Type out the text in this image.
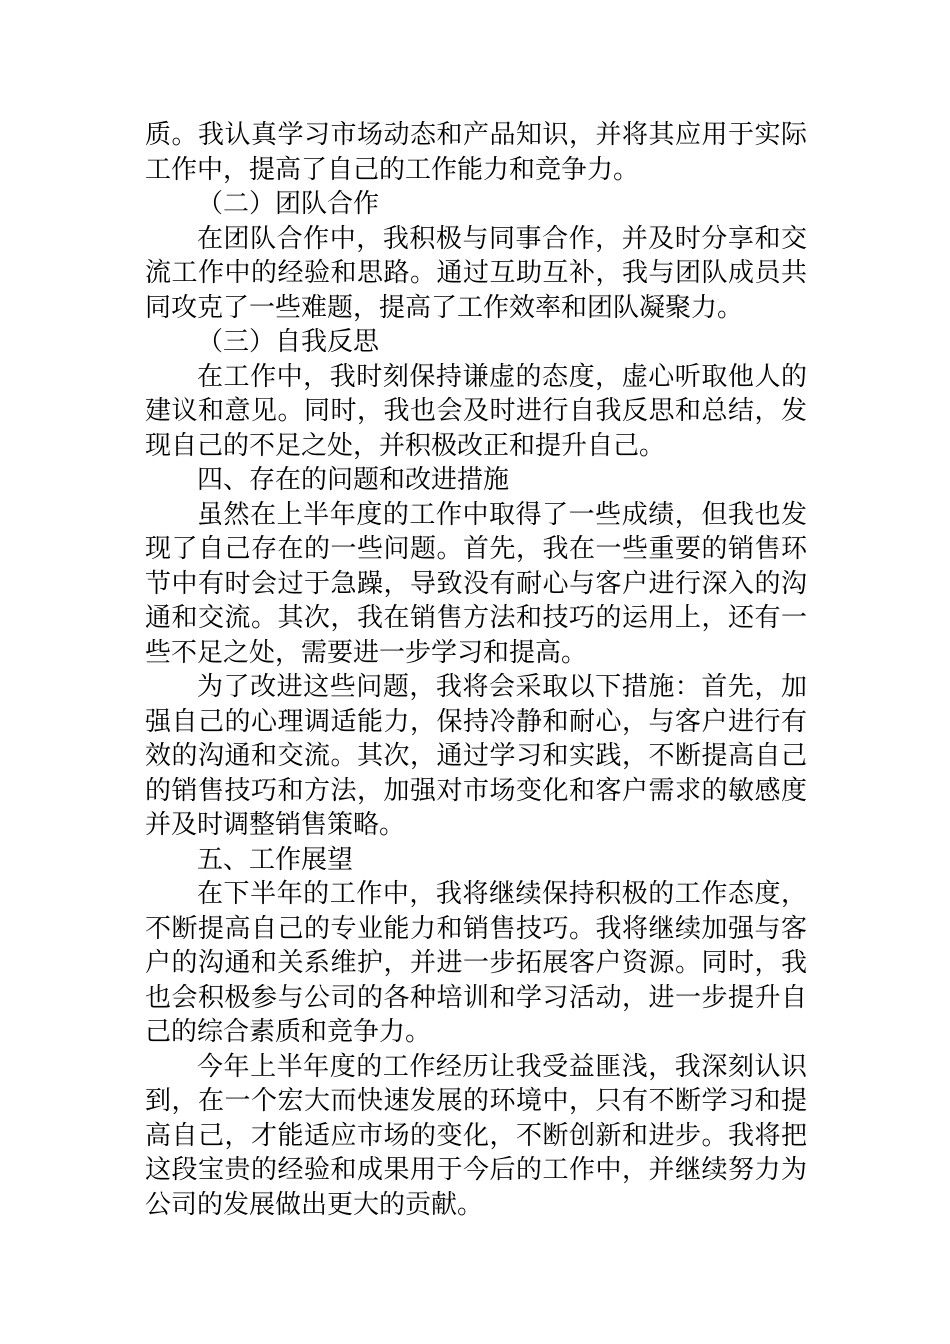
质。我认真学习市场动态和产品知识，并将其应用于实际工作中，提高了自己的工作能力和竞争力。

（二）团队合作

在团队合作中，我积极与同事合作，并及时分享和交流工作中的经验和思路。通过互助互补，我与团队成员共同攻克了一些难题，提高了工作效率和团队凝聚力。

（三）自我反思

在工作中，我时刻保持谦虚的态度，虚心听取他人的建议和意见。同时，我也会及时进行自我反思和总结，发现自己的不足之处，并积极改正和提升自己。

四、存在的问题和改进措施

虽然在上半年度的工作中取得了一些成绩，但我也发现了自己存在的一些问题。首先，我在一些重要的销售环节中有时会过于急躁，导致没有耐心与客户进行深入的沟通和交流。其次，我在销售方法和技巧的运用上，还有一些不足之处，需要进一步学习和提高。

为了改进这些问题，我将会采取以下措施：首先，加强自己的心理调适能力，保持冷静和耐心，与客户进行有效的沟通和交流。其次，通过学习和实践，不断提高自己的销售技巧和方法，加强对市场变化和客户需求的敏感度并及时调整销售策略。

五、工作展望

在下半年的工作中，我将继续保持积极的工作态度，不断提高自己的专业能力和销售技巧。我将继续加强与客户的沟通和关系维护，并进一步拓展客户资源。同时，我也会积极参与公司的各种培训和学习活动，进一步提升自己的综合素质和竞争力。

今年上半年度的工作经历让我受益匪浅，我深刻认识到，在一个宏大而快速发展的环境中，只有不断学习和提高自己，才能适应市场的变化，不断创新和进步。我将把这段宝贵的经验和成果用于今后的工作中，并继续努力为公司的发展做出更大的贡献。
